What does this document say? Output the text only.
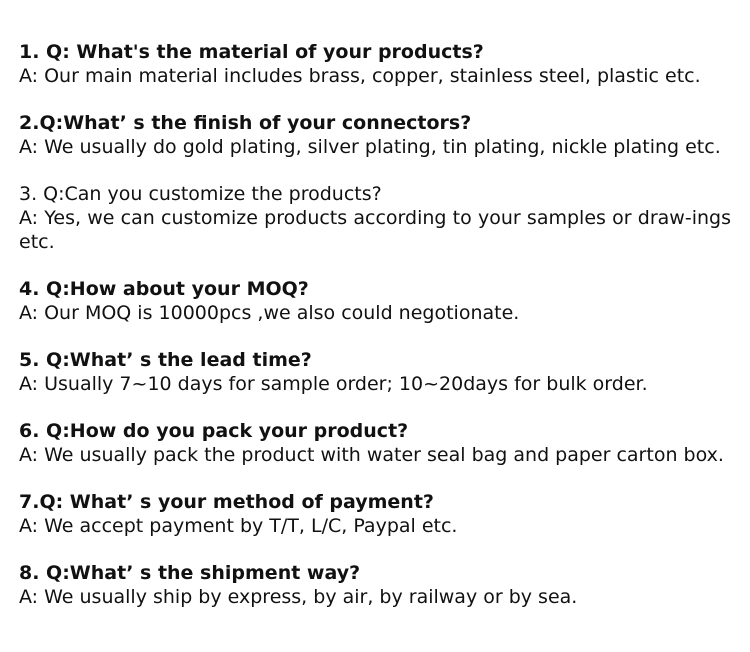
1. Q: What's the material of your products?
A: Our main material includes brass, copper, stainless steel, plastic etc.
2.Q:What’ s the finish of your connectors?
A: We usually do gold plating, silver plating, tin plating, nickle plating etc.
3. Q:Can you customize the products?
A: Yes, we can customize products according to your samples or draw-ings etc.
4. Q:How about your MOQ?
A: Our MOQ is 10000pcs ,we also could negotionate.
5. Q:What’ s the lead time?
A: Usually 7~10 days for sample order; 10~20days for bulk order.
6. Q:How do you pack your product?
A: We usually pack the product with water seal bag and paper carton box.
7.Q: What’ s your method of payment?
A: We accept payment by T/T, L/C, Paypal etc.
8. Q:What’ s the shipment way?
A: We usually ship by express, by air, by railway or by sea.
